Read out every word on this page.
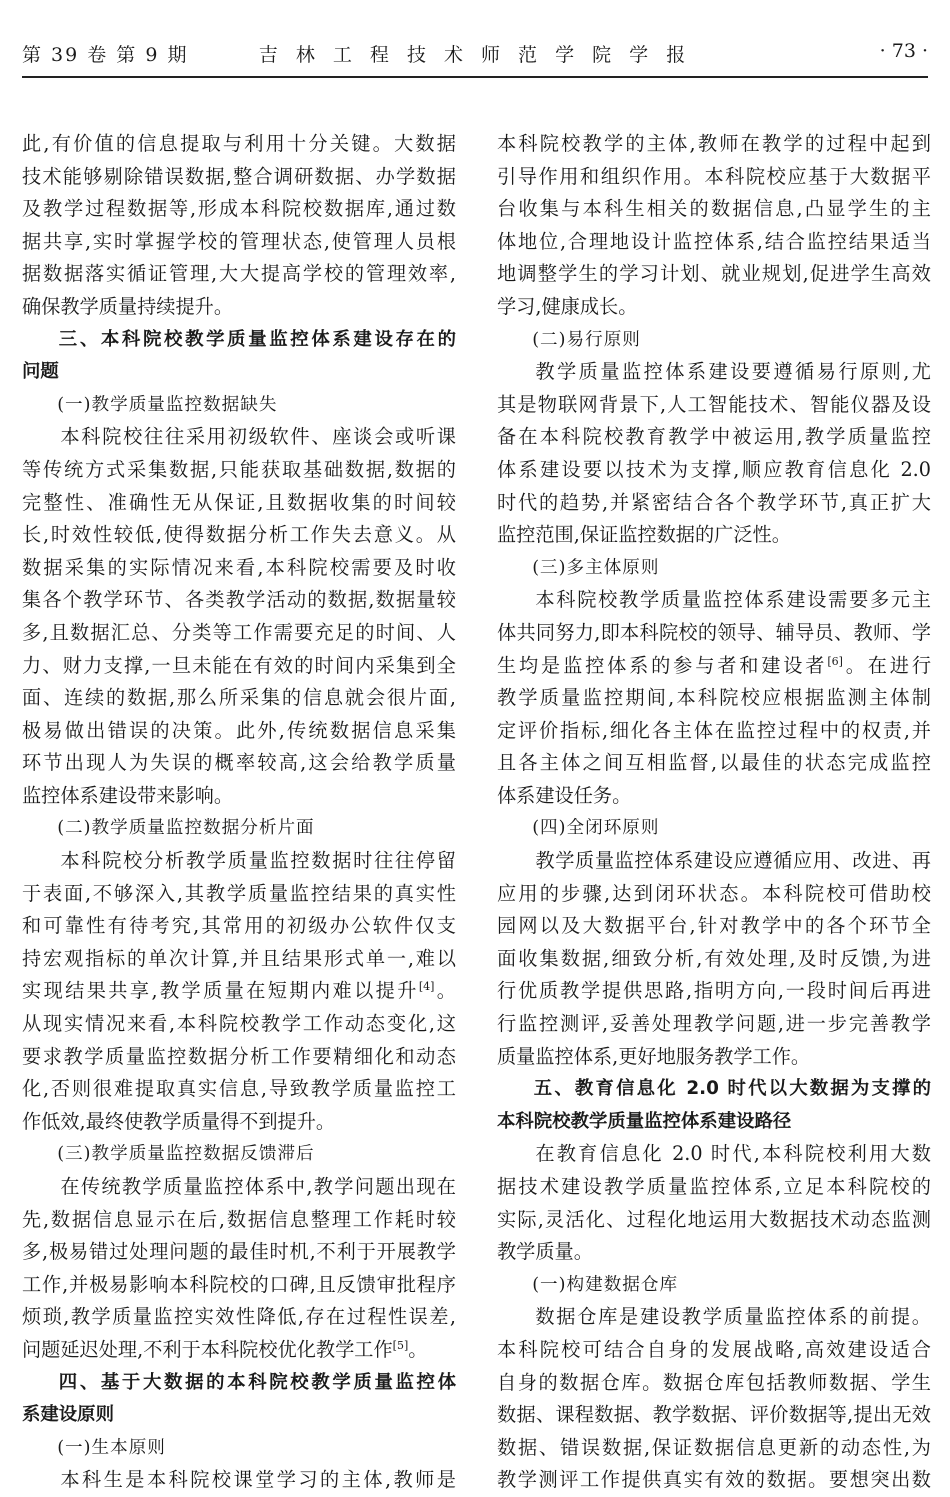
第 39 卷 第 9 期	吉 林 工 程 技 术 师 范 学 院 学 报	· 73 ·
此,有价值的信息提取与利用十分关键。大数据
技术能够剔除错误数据,整合调研数据、办学数据
及教学过程数据等,形成本科院校数据库,通过数
据共享,实时掌握学校的管理状态,使管理人员根
据数据落实循证管理,大大提高学校的管理效率,
确保教学质量持续提升。
三、本科院校教学质量监控体系建设存在的
问题
(一)教学质量监控数据缺失
本科院校往往采用初级软件、座谈会或听课
等传统方式采集数据,只能获取基础数据,数据的
完整性、准确性无从保证,且数据收集的时间较
长,时效性较低,使得数据分析工作失去意义。从
数据采集的实际情况来看,本科院校需要及时收
集各个教学环节、各类教学活动的数据,数据量较
多,且数据汇总、分类等工作需要充足的时间、人
力、财力支撑,一旦未能在有效的时间内采集到全
面、连续的数据,那么所采集的信息就会很片面,
极易做出错误的决策。此外,传统数据信息采集
环节出现人为失误的概率较高,这会给教学质量
监控体系建设带来影响。
(二)教学质量监控数据分析片面
本科院校分析教学质量监控数据时往往停留
于表面,不够深入,其教学质量监控结果的真实性
和可靠性有待考究,其常用的初级办公软件仅支
持宏观指标的单次计算,并且结果形式单一,难以
实现结果共享,教学质量在短期内难以提升[4]。
从现实情况来看,本科院校教学工作动态变化,这
要求教学质量监控数据分析工作要精细化和动态
化,否则很难提取真实信息,导致教学质量监控工
作低效,最终使教学质量得不到提升。
(三)教学质量监控数据反馈滞后
在传统教学质量监控体系中,教学问题出现在
先,数据信息显示在后,数据信息整理工作耗时较
多,极易错过处理问题的最佳时机,不利于开展教学
工作,并极易影响本科院校的口碑,且反馈审批程序
烦琐,教学质量监控实效性降低,存在过程性误差,
问题延迟处理,不利于本科院校优化教学工作[5]。
四、基于大数据的本科院校教学质量监控体
系建设原则
(一)生本原则
本科生是本科院校课堂学习的主体,教师是
本科院校教学的主体,教师在教学的过程中起到
引导作用和组织作用。本科院校应基于大数据平
台收集与本科生相关的数据信息,凸显学生的主
体地位,合理地设计监控体系,结合监控结果适当
地调整学生的学习计划、就业规划,促进学生高效
学习,健康成长。
(二)易行原则
教学质量监控体系建设要遵循易行原则,尤
其是物联网背景下,人工智能技术、智能仪器及设
备在本科院校教育教学中被运用,教学质量监控
体系建设要以技术为支撑,顺应教育信息化 2.0
时代的趋势,并紧密结合各个教学环节,真正扩大
监控范围,保证监控数据的广泛性。
(三)多主体原则
本科院校教学质量监控体系建设需要多元主
体共同努力,即本科院校的领导、辅导员、教师、学
生均是监控体系的参与者和建设者[6]。在进行
教学质量监控期间,本科院校应根据监测主体制
定评价指标,细化各主体在监控过程中的权责,并
且各主体之间互相监督,以最佳的状态完成监控
体系建设任务。
(四)全闭环原则
教学质量监控体系建设应遵循应用、改进、再
应用的步骤,达到闭环状态。本科院校可借助校
园网以及大数据平台,针对教学中的各个环节全
面收集数据,细致分析,有效处理,及时反馈,为进
行优质教学提供思路,指明方向,一段时间后再进
行监控测评,妥善处理教学问题,进一步完善教学
质量监控体系,更好地服务教学工作。
五、教育信息化 2.0 时代以大数据为支撑的
本科院校教学质量监控体系建设路径
在教育信息化 2.0 时代,本科院校利用大数
据技术建设教学质量监控体系,立足本科院校的
实际,灵活化、过程化地运用大数据技术动态监测
教学质量。
(一)构建数据仓库
数据仓库是建设教学质量监控体系的前提。
本科院校可结合自身的发展战略,高效建设适合
自身的数据仓库。数据仓库包括教师数据、学生
数据、课程数据、教学数据、评价数据等,提出无效
数据、错误数据,保证数据信息更新的动态性,为
教学测评工作提供真实有效的数据。要想突出数
